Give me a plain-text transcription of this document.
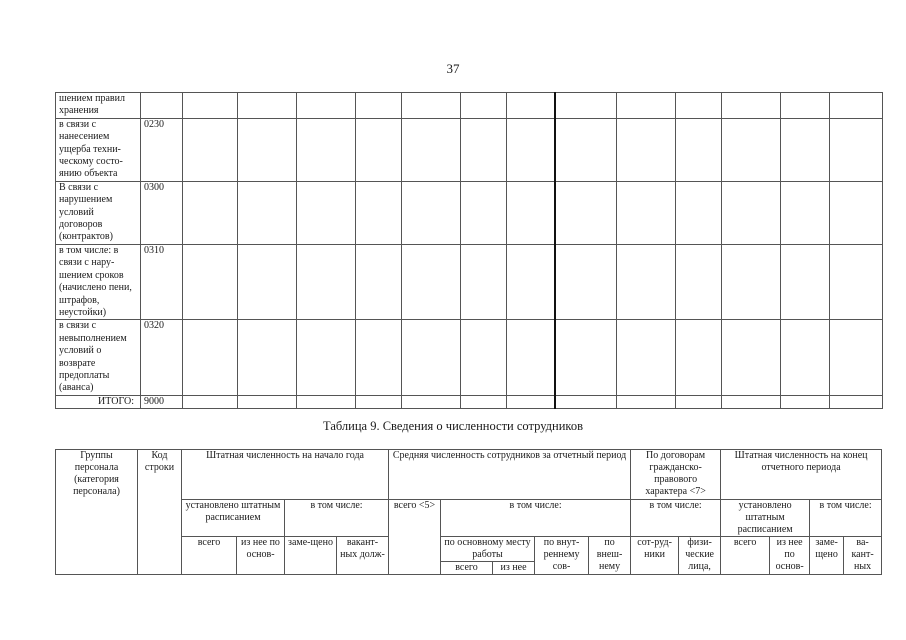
37
шением правил хранения														
в связи с нанесением ущерба техни-ческому состо-янию объекта	0230													
В связи с нарушением условий договоров (контрактов)	0300													
в том числе: в связи с нару-шением сроков (начислено пени, штрафов, неустойки)	0310													
в связи с невыполнением условий о возврате предоплаты (аванса)	0320													
ИТОГО:	9000													
Таблица 9. Сведения о численности сотрудников
Группы персонала (категория персонала)	Код строки	Штатная численность на начало года				Средняя численность сотрудников за отчетный период					По договорам гражданско-правового характера <7>		Штатная численность на конец отчетного периода			
		установлено штатным расписанием		в том числе:		всего <5>	в том числе:				в том числе:		установлено штатным расписанием		в том числе:	
		всего	из нее по основ-	заме-щено	вакант-ных долж-		по основному месту работы		по внут-реннему сов-	по внеш-нему	сот-руд-ники	физи-ческие лица,	всего	из нее по основ-	заме-щено	ва-кант-ных
							всего	из нее								
